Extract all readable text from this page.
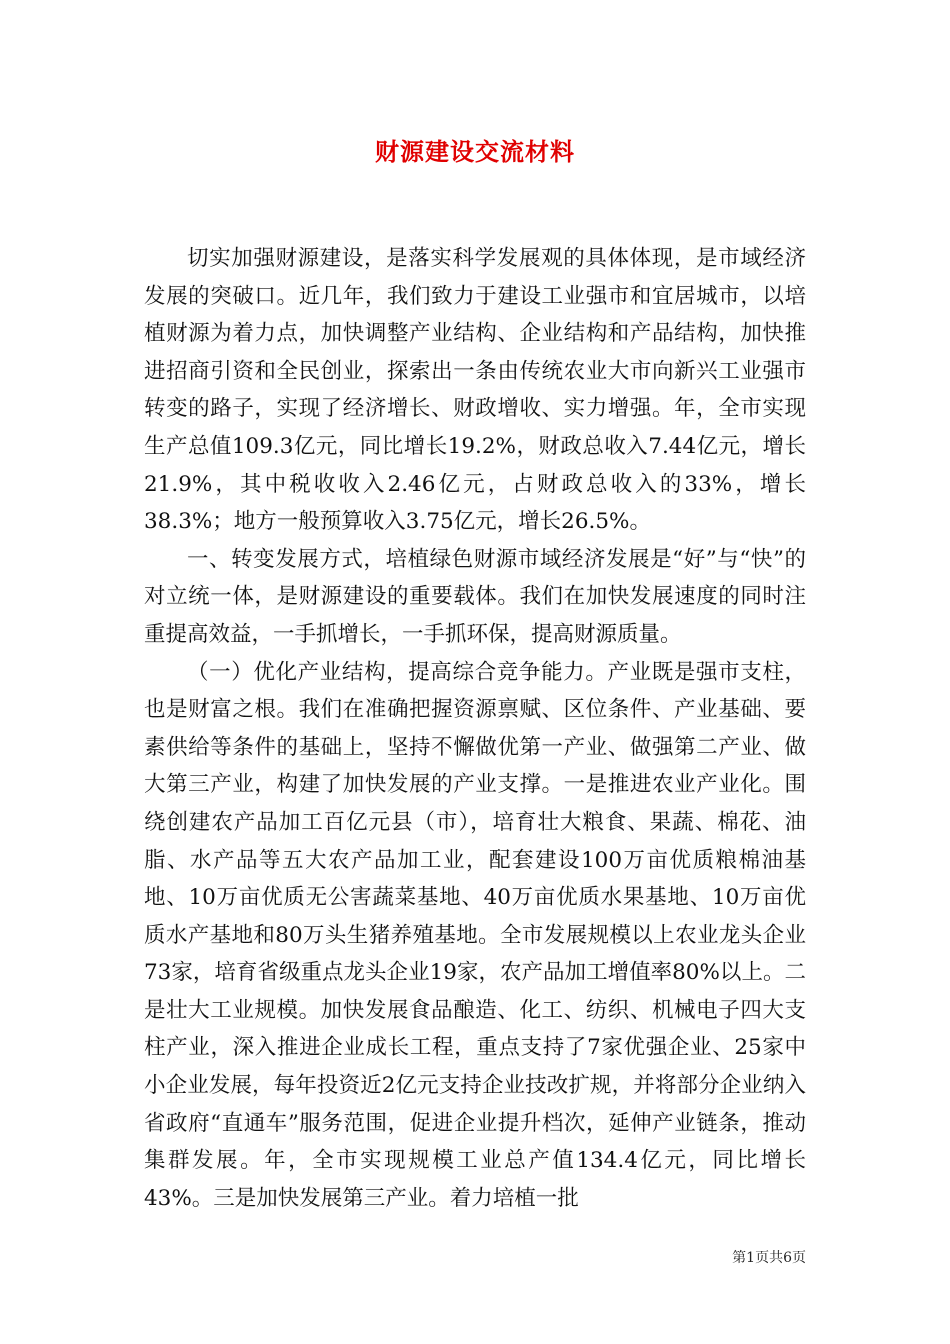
财源建设交流材料

切实加强财源建设，是落实科学发展观的具体体现，是市域经济发展的突破口。近几年，我们致力于建设工业强市和宜居城市，以培植财源为着力点，加快调整产业结构、企业结构和产品结构，加快推进招商引资和全民创业，探索出一条由传统农业大市向新兴工业强市转变的路子，实现了经济增长、财政增收、实力增强。年，全市实现生产总值109.3亿元，同比增长19.2%，财政总收入7.44亿元，增长21.9%，其中税收收入2.46亿元，占财政总收入的33%，增长38.3%；地方一般预算收入3.75亿元，增长26.5%。

一、转变发展方式，培植绿色财源市域经济发展是“好”与“快”的对立统一体，是财源建设的重要载体。我们在加快发展速度的同时注重提高效益，一手抓增长，一手抓环保，提高财源质量。

（一）优化产业结构，提高综合竞争能力。产业既是强市支柱，也是财富之根。我们在准确把握资源禀赋、区位条件、产业基础、要素供给等条件的基础上，坚持不懈做优第一产业、做强第二产业、做大第三产业，构建了加快发展的产业支撑。一是推进农业产业化。围绕创建农产品加工百亿元县（市），培育壮大粮食、果蔬、棉花、油脂、水产品等五大农产品加工业，配套建设100万亩优质粮棉油基地、10万亩优质无公害蔬菜基地、40万亩优质水果基地、10万亩优质水产基地和80万头生猪养殖基地。全市发展规模以上农业龙头企业73家，培育省级重点龙头企业19家，农产品加工增值率80%以上。二是壮大工业规模。加快发展食品酿造、化工、纺织、机械电子四大支柱产业，深入推进企业成长工程，重点支持了7家优强企业、25家中小企业发展，每年投资近2亿元支持企业技改扩规，并将部分企业纳入省政府“直通车”服务范围，促进企业提升档次，延伸产业链条，推动集群发展。年，全市实现规模工业总产值134.4亿元，同比增长43%。三是加快发展第三产业。着力培植一批

第1页共6页
